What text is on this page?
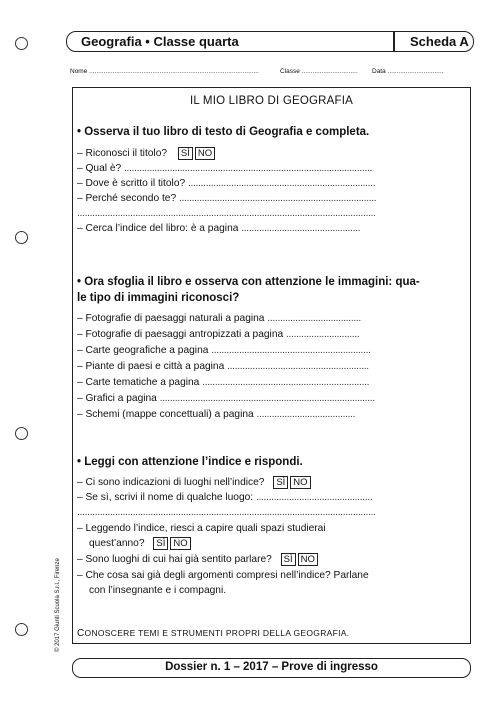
Geografia • Classe quarta	Scheda A
Nome ..............................................................................................	Classe ............................... Data ...............................
IL MIO LIBRO DI GEOGRAFIA
• Osserva il tuo libro di testo di Geografia e completa.
– Riconosci il titolo? SÌ NO
– Qual è? ..................................................................................................
– Dove è scritto il titolo? ..........................................................................
– Perché secondo te? ..............................................................................
......................................................................................................................
– Cerca l’indice del libro: è a pagina ...............................................
• Ora sfoglia il libro e osserva con attenzione le immagini: qua-
le tipo di immagini riconosci?
– Fotografie di paesaggi naturali a pagina .....................................
– Fotografie di paesaggi antropizzati a pagina .............................
– Carte geografiche a pagina ...............................................................
– Piante di paesi e città a pagina ........................................................
– Carte tematiche a pagina ..................................................................
– Grafici a pagina .....................................................................................
– Schemi (mappe concettuali) a pagina .......................................
• Leggi con attenzione l’indice e rispondi.
– Ci sono indicazioni di luoghi nell’indice? SÌ NO
– Se sì, scrivi il nome di qualche luogo: ..............................................
......................................................................................................................
– Leggendo l’indice, riesci a capire quali spazi studierai
quest’anno? SÌ NO
– Sono luoghi di cui hai già sentito parlare? SÌ NO
– Che cosa sai già degli argomenti compresi nell’indice? Parlane
con l’insegnante e i compagni.
CONOSCERE TEMI E STRUMENTI PROPRI DELLA GEOGRAFIA.
© 2017 Giunti Scuola S.r.l., Firenze
Dossier n. 1 – 2017 – Prove di ingresso
